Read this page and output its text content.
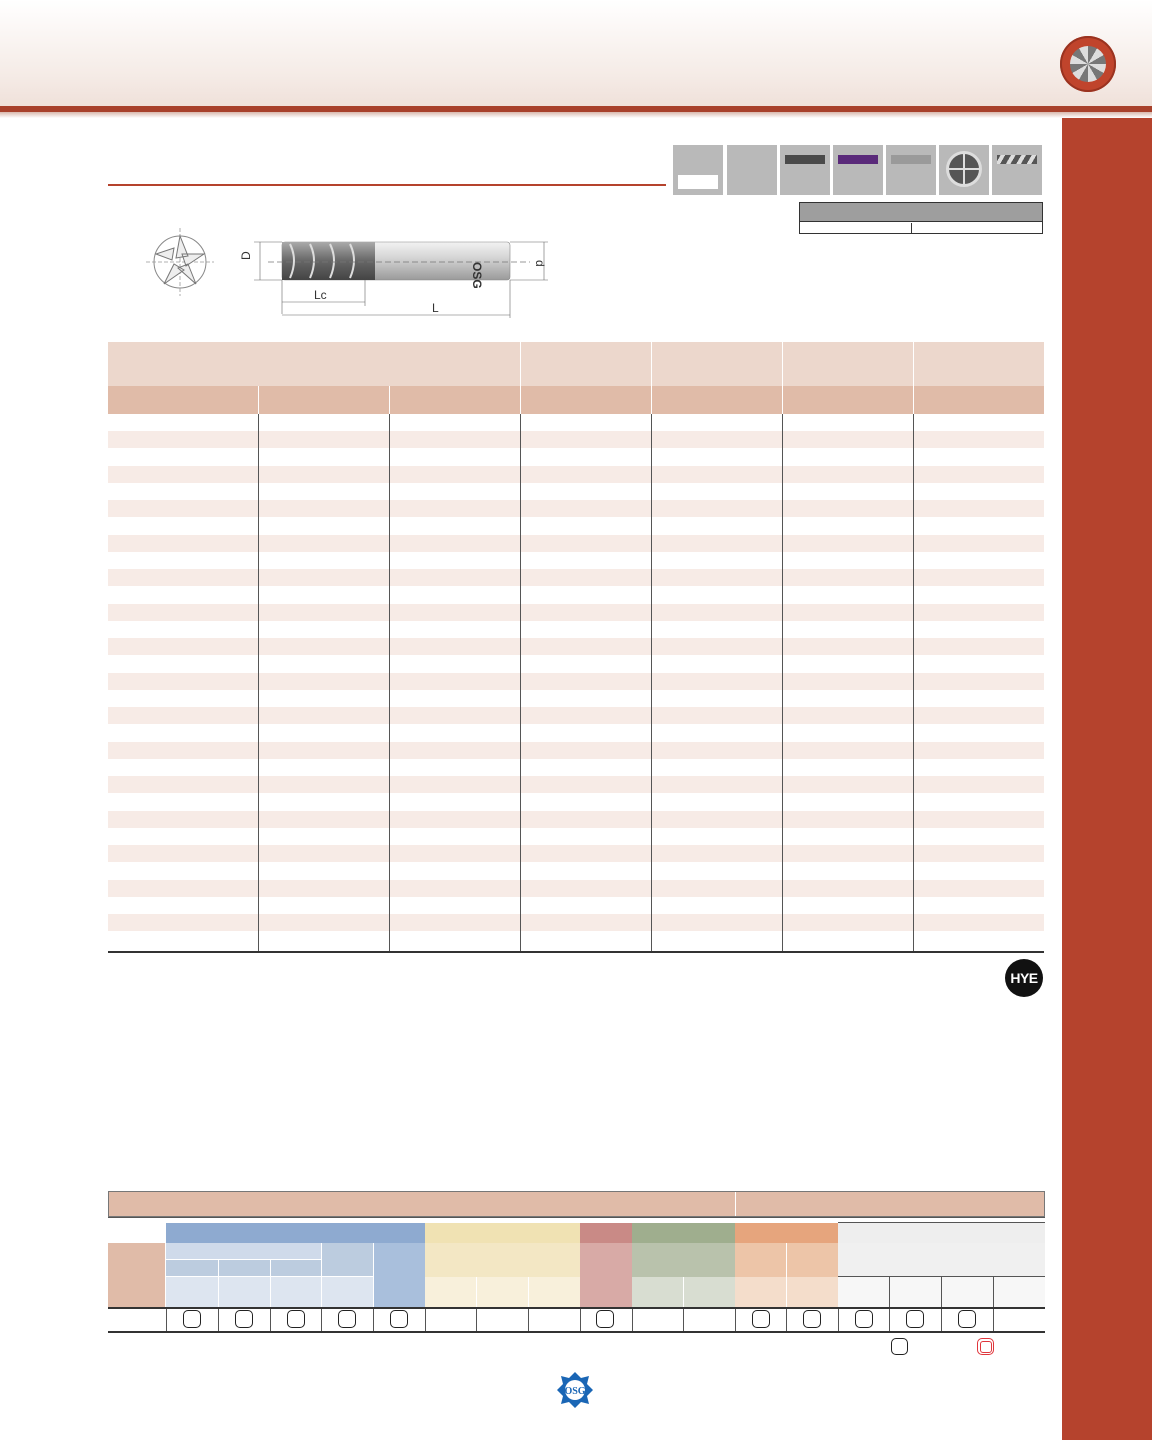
OSG
D
d
Lc
L
HYE
OSG
